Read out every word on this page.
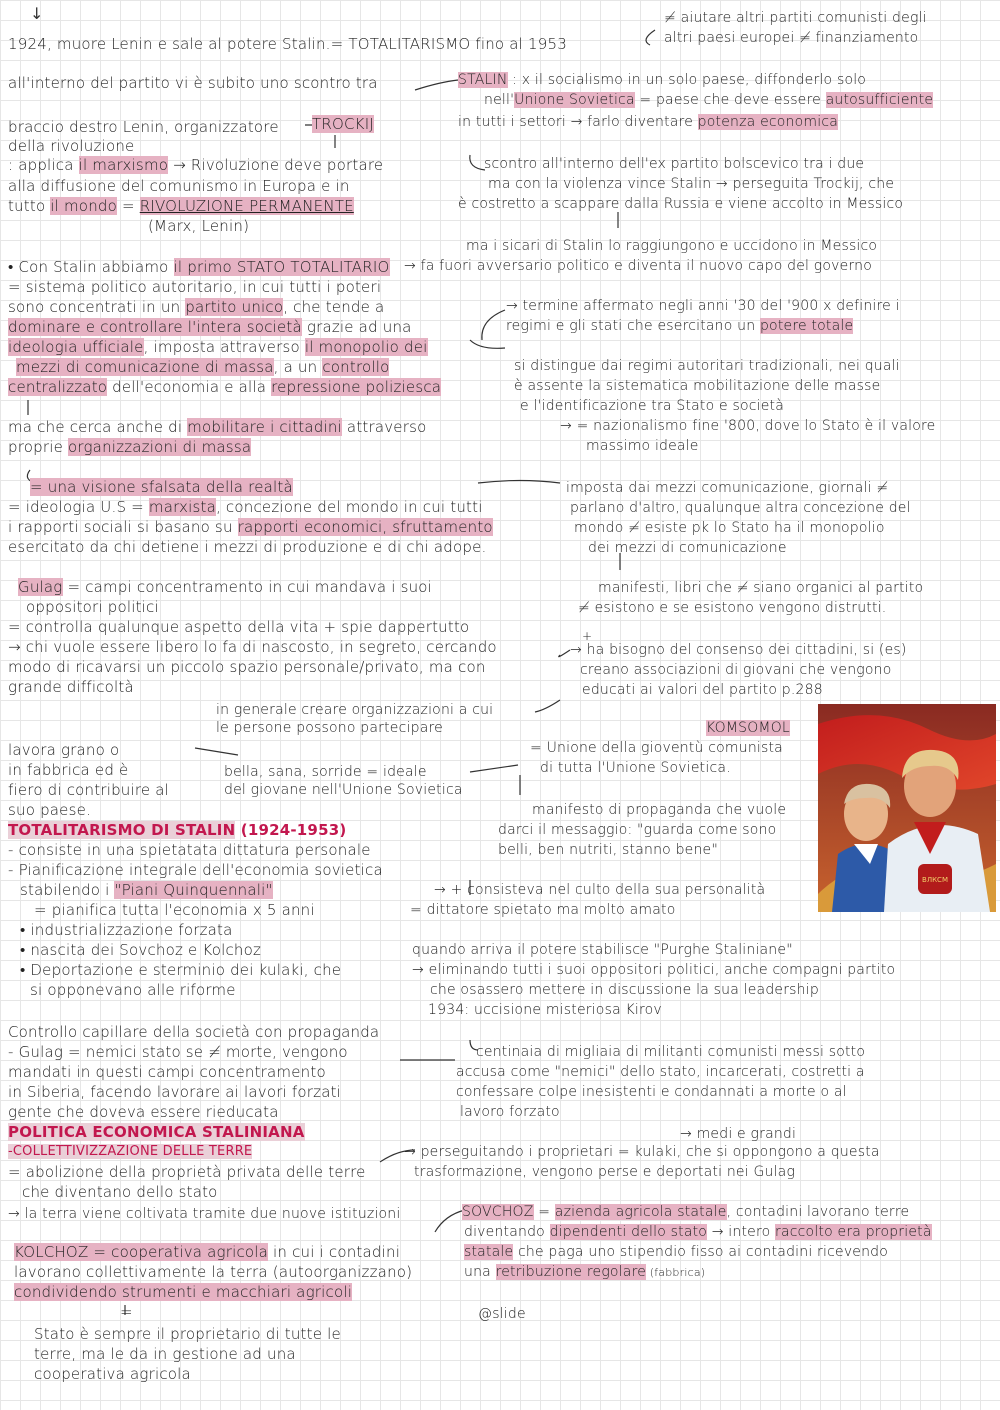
↓
1924, muore Lenin e sale al potere Stalin.= TOTALITARISMO fino al 1953
all'interno del partito vi è subito uno scontro tra
TROCKIJ
braccio destro Lenin, organizzatore
della rivoluzione
: applica il marxismo → Rivoluzione deve portare
alla diffusione del comunismo in Europa e in
tutto il mondo = RIVOLUZIONE PERMANENTE
(Marx, Lenin)
• Con Stalin abbiamo il primo STATO TOTALITARIO
= sistema politico autoritario, in cui tutti i poteri
sono concentrati in un partito unico, che tende a
dominare e controllare l'intera società grazie ad una
ideologia ufficiale, imposta attraverso il monopolio dei
mezzi di comunicazione di massa, a un controllo
centralizzato dell'economia e alla repressione poliziesca
ma che cerca anche di mobilitare i cittadini attraverso
proprie organizzazioni di massa
= una visione sfalsata della realtà
= ideologia U.S = marxista, concezione del mondo in cui tutti
i rapporti sociali si basano su rapporti economici, sfruttamento
esercitato da chi detiene i mezzi di produzione e di chi adope.
Gulag = campi concentramento in cui mandava i suoi
oppositori politici
= controlla qualunque aspetto della vita + spie dappertutto
→ chi vuole essere libero lo fa di nascosto, in segreto, cercando
modo di ricavarsi un piccolo spazio personale/privato, ma con
grande difficoltà
lavora grano o
in fabbrica ed è
fiero di contribuire al
suo paese.
TOTALITARISMO DI STALIN (1924-1953)
- consiste in una spietatata dittatura personale
- Pianificazione integrale dell'economia sovietica
stabilendo i "Piani Quinquennali"
= pianifica tutta l'economia x 5 anni
• industrializzazione forzata
• nascita dei Sovchoz e Kolchoz
• Deportazione e sterminio dei kulaki, che
si opponevano alle riforme
Controllo capillare della società con propaganda
- Gulag = nemici stato se ≠ morte, vengono
mandati in questi campi concentramento
in Siberia, facendo lavorare ai lavori forzati
gente che doveva essere rieducata
POLITICA ECONOMICA STALINIANA
-COLLETTIVIZZAZIONE DELLE TERRE
= abolizione della proprietà privata delle terre
che diventano dello stato
→ la terra viene coltivata tramite due nuove istituzioni
KOLCHOZ = cooperativa agricola in cui i contadini
lavorano collettivamente la terra (autoorganizzano)
condividendo strumenti e macchiari agricoli
=
Stato è sempre il proprietario di tutte le
terre, ma le da in gestione ad una
cooperativa agricola
≠ aiutare altri partiti comunisti degli
altri paesi europei ≠ finanziamento
STALIN : x il socialismo in un solo paese, diffonderlo solo
nell'Unione Sovietica = paese che deve essere autosufficiente
in tutti i settori → farlo diventare potenza economica
scontro all'interno dell'ex partito bolscevico tra i due
ma con la violenza vince Stalin → perseguita Trockij, che
è costretto a scappare dalla Russia e viene accolto in Messico
ma i sicari di Stalin lo raggiungono e uccidono in Messico
→ fa fuori avversario politico e diventa il nuovo capo del governo
→ termine affermato negli anni '30 del '900 x definire i
regimi e gli stati che esercitano un potere totale
si distingue dai regimi autoritari tradizionali, nei quali
è assente la sistematica mobilitazione delle masse
e l'identificazione tra Stato e società
→ = nazionalismo fine '800, dove lo Stato è il valore
massimo ideale
imposta dai mezzi comunicazione, giornali ≠
parlano d'altro, qualunque altra concezione del
mondo ≠ esiste pk lo Stato ha il monopolio
dei mezzi di comunicazione
manifesti, libri che ≠ siano organici al partito
≠ esistono e se esistono vengono distrutti.
+
→ ha bisogno del consenso dei cittadini, si (es)
creano associazioni di giovani che vengono
educati ai valori del partito p.288
in generale creare organizzazioni a cui
le persone possono partecipare	KOMSOMOL
= Unione della gioventù comunista
di tutta l'Unione Sovietica.
bella, sana, sorride = ideale
del giovane nell'Unione Sovietica
manifesto di propaganda che vuole
darci il messaggio: "guarda come sono
belli, ben nutriti, stanno bene"
→ + consisteva nel culto della sua personalità
= dittatore spietato ma molto amato
quando arriva il potere stabilisce "Purghe Staliniane"
→ eliminando tutti i suoi oppositori politici, anche compagni partito
che osassero mettere in discussione la sua leadership
1934: uccisione misteriosa Kirov
centinaia di migliaia di militanti comunisti messi sotto
accusa come "nemici" dello stato, incarcerati, costretti a
confessare colpe inesistenti e condannati a morte o al
lavoro forzato
→ medi e grandi
→ perseguitando i proprietari = kulaki, che si oppongono a questa
trasformazione, vengono perse e deportati nei Gulag
SOVCHOZ = azienda agricola statale, contadini lavorano terre
diventando dipendenti dello stato → intero raccolto era proprietà
statale che paga uno stipendio fisso ai contadini ricevendo
una retribuzione regolare (fabbrica)
@slide
ВЛКСМ
